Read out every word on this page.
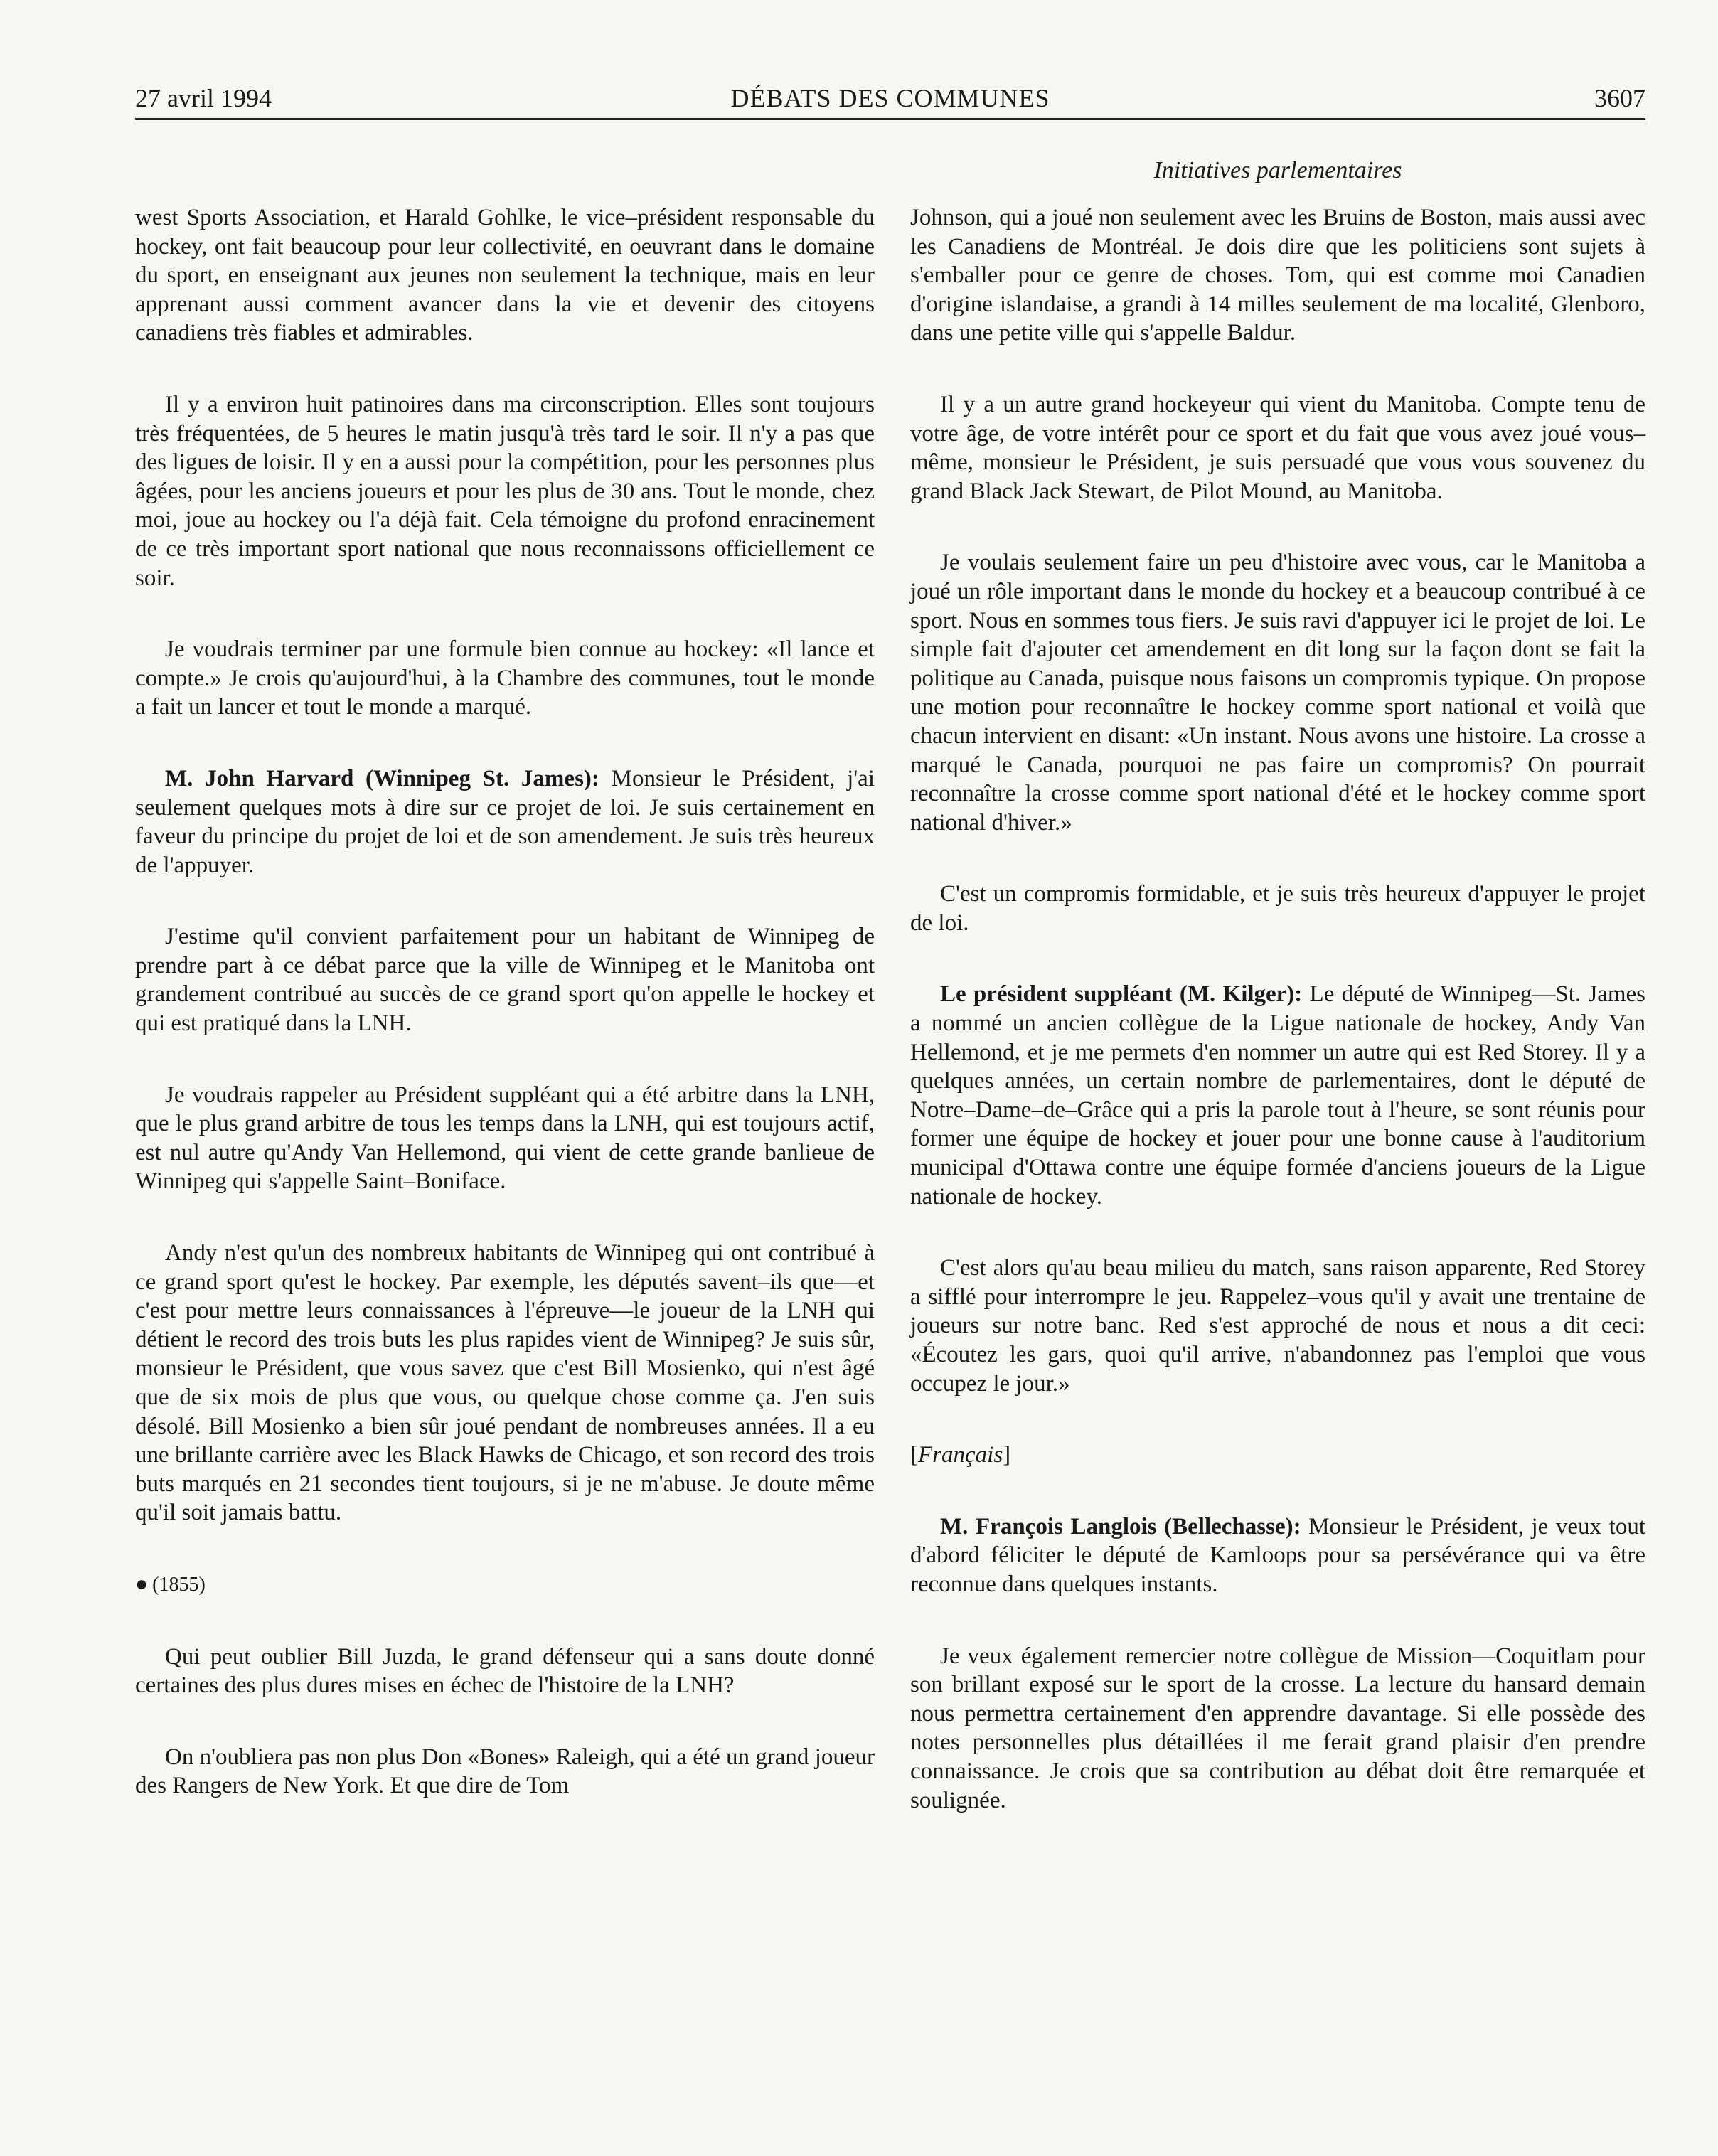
27 avril 1994	DÉBATS DES COMMUNES	3607
Initiatives parlementaires

west Sports Association, et Harald Gohlke, le vice–président responsable du hockey, ont fait beaucoup pour leur collectivité, en oeuvrant dans le domaine du sport, en enseignant aux jeunes non seulement la technique, mais en leur apprenant aussi comment avancer dans la vie et devenir des citoyens canadiens très fiables et admirables.

Il y a environ huit patinoires dans ma circonscription. Elles sont toujours très fréquentées, de 5 heures le matin jusqu'à très tard le soir. Il n'y a pas que des ligues de loisir. Il y en a aussi pour la compétition, pour les personnes plus âgées, pour les anciens joueurs et pour les plus de 30 ans. Tout le monde, chez moi, joue au hockey ou l'a déjà fait. Cela témoigne du profond enracinement de ce très important sport national que nous reconnaissons officiellement ce soir.

Je voudrais terminer par une formule bien connue au hockey: «Il lance et compte.» Je crois qu'aujourd'hui, à la Chambre des communes, tout le monde a fait un lancer et tout le monde a marqué.

M. John Harvard (Winnipeg St. James): Monsieur le Président, j'ai seulement quelques mots à dire sur ce projet de loi. Je suis certainement en faveur du principe du projet de loi et de son amendement. Je suis très heureux de l'appuyer.

J'estime qu'il convient parfaitement pour un habitant de Winnipeg de prendre part à ce débat parce que la ville de Winnipeg et le Manitoba ont grandement contribué au succès de ce grand sport qu'on appelle le hockey et qui est pratiqué dans la LNH.

Je voudrais rappeler au Président suppléant qui a été arbitre dans la LNH, que le plus grand arbitre de tous les temps dans la LNH, qui est toujours actif, est nul autre qu'Andy Van Hellemond, qui vient de cette grande banlieue de Winnipeg qui s'appelle Saint–Boniface.

Andy n'est qu'un des nombreux habitants de Winnipeg qui ont contribué à ce grand sport qu'est le hockey. Par exemple, les députés savent–ils que—et c'est pour mettre leurs connaissances à l'épreuve—le joueur de la LNH qui détient le record des trois buts les plus rapides vient de Winnipeg? Je suis sûr, monsieur le Président, que vous savez que c'est Bill Mosienko, qui n'est âgé que de six mois de plus que vous, ou quelque chose comme ça. J'en suis désolé. Bill Mosienko a bien sûr joué pendant de nombreuses années. Il a eu une brillante carrière avec les Black Hawks de Chicago, et son record des trois buts marqués en 21 secondes tient toujours, si je ne m'abuse. Je doute même qu'il soit jamais battu.

● (1855)

Qui peut oublier Bill Juzda, le grand défenseur qui a sans doute donné certaines des plus dures mises en échec de l'histoire de la LNH?

On n'oubliera pas non plus Don «Bones» Raleigh, qui a été un grand joueur des Rangers de New York. Et que dire de Tom

Johnson, qui a joué non seulement avec les Bruins de Boston, mais aussi avec les Canadiens de Montréal. Je dois dire que les politiciens sont sujets à s'emballer pour ce genre de choses. Tom, qui est comme moi Canadien d'origine islandaise, a grandi à 14 milles seulement de ma localité, Glenboro, dans une petite ville qui s'appelle Baldur.

Il y a un autre grand hockeyeur qui vient du Manitoba. Compte tenu de votre âge, de votre intérêt pour ce sport et du fait que vous avez joué vous–même, monsieur le Président, je suis persuadé que vous vous souvenez du grand Black Jack Stewart, de Pilot Mound, au Manitoba.

Je voulais seulement faire un peu d'histoire avec vous, car le Manitoba a joué un rôle important dans le monde du hockey et a beaucoup contribué à ce sport. Nous en sommes tous fiers. Je suis ravi d'appuyer ici le projet de loi. Le simple fait d'ajouter cet amendement en dit long sur la façon dont se fait la politique au Canada, puisque nous faisons un compromis typique. On propose une motion pour reconnaître le hockey comme sport national et voilà que chacun intervient en disant: «Un instant. Nous avons une histoire. La crosse a marqué le Canada, pourquoi ne pas faire un compromis? On pourrait reconnaître la crosse comme sport national d'été et le hockey comme sport national d'hiver.»

C'est un compromis formidable, et je suis très heureux d'appuyer le projet de loi.

Le président suppléant (M. Kilger): Le député de Winnipeg—St. James a nommé un ancien collègue de la Ligue nationale de hockey, Andy Van Hellemond, et je me permets d'en nommer un autre qui est Red Storey. Il y a quelques années, un certain nombre de parlementaires, dont le député de Notre–Dame–de–Grâce qui a pris la parole tout à l'heure, se sont réunis pour former une équipe de hockey et jouer pour une bonne cause à l'auditorium municipal d'Ottawa contre une équipe formée d'anciens joueurs de la Ligue nationale de hockey.

C'est alors qu'au beau milieu du match, sans raison apparente, Red Storey a sifflé pour interrompre le jeu. Rappelez–vous qu'il y avait une trentaine de joueurs sur notre banc. Red s'est approché de nous et nous a dit ceci: «Écoutez les gars, quoi qu'il arrive, n'abandonnez pas l'emploi que vous occupez le jour.»

[Français]

M. François Langlois (Bellechasse): Monsieur le Président, je veux tout d'abord féliciter le député de Kamloops pour sa persévérance qui va être reconnue dans quelques instants.

Je veux également remercier notre collègue de Mission—Coquitlam pour son brillant exposé sur le sport de la crosse. La lecture du hansard demain nous permettra certainement d'en apprendre davantage. Si elle possède des notes personnelles plus détaillées il me ferait grand plaisir d'en prendre connaissance. Je crois que sa contribution au débat doit être remarquée et soulignée.
